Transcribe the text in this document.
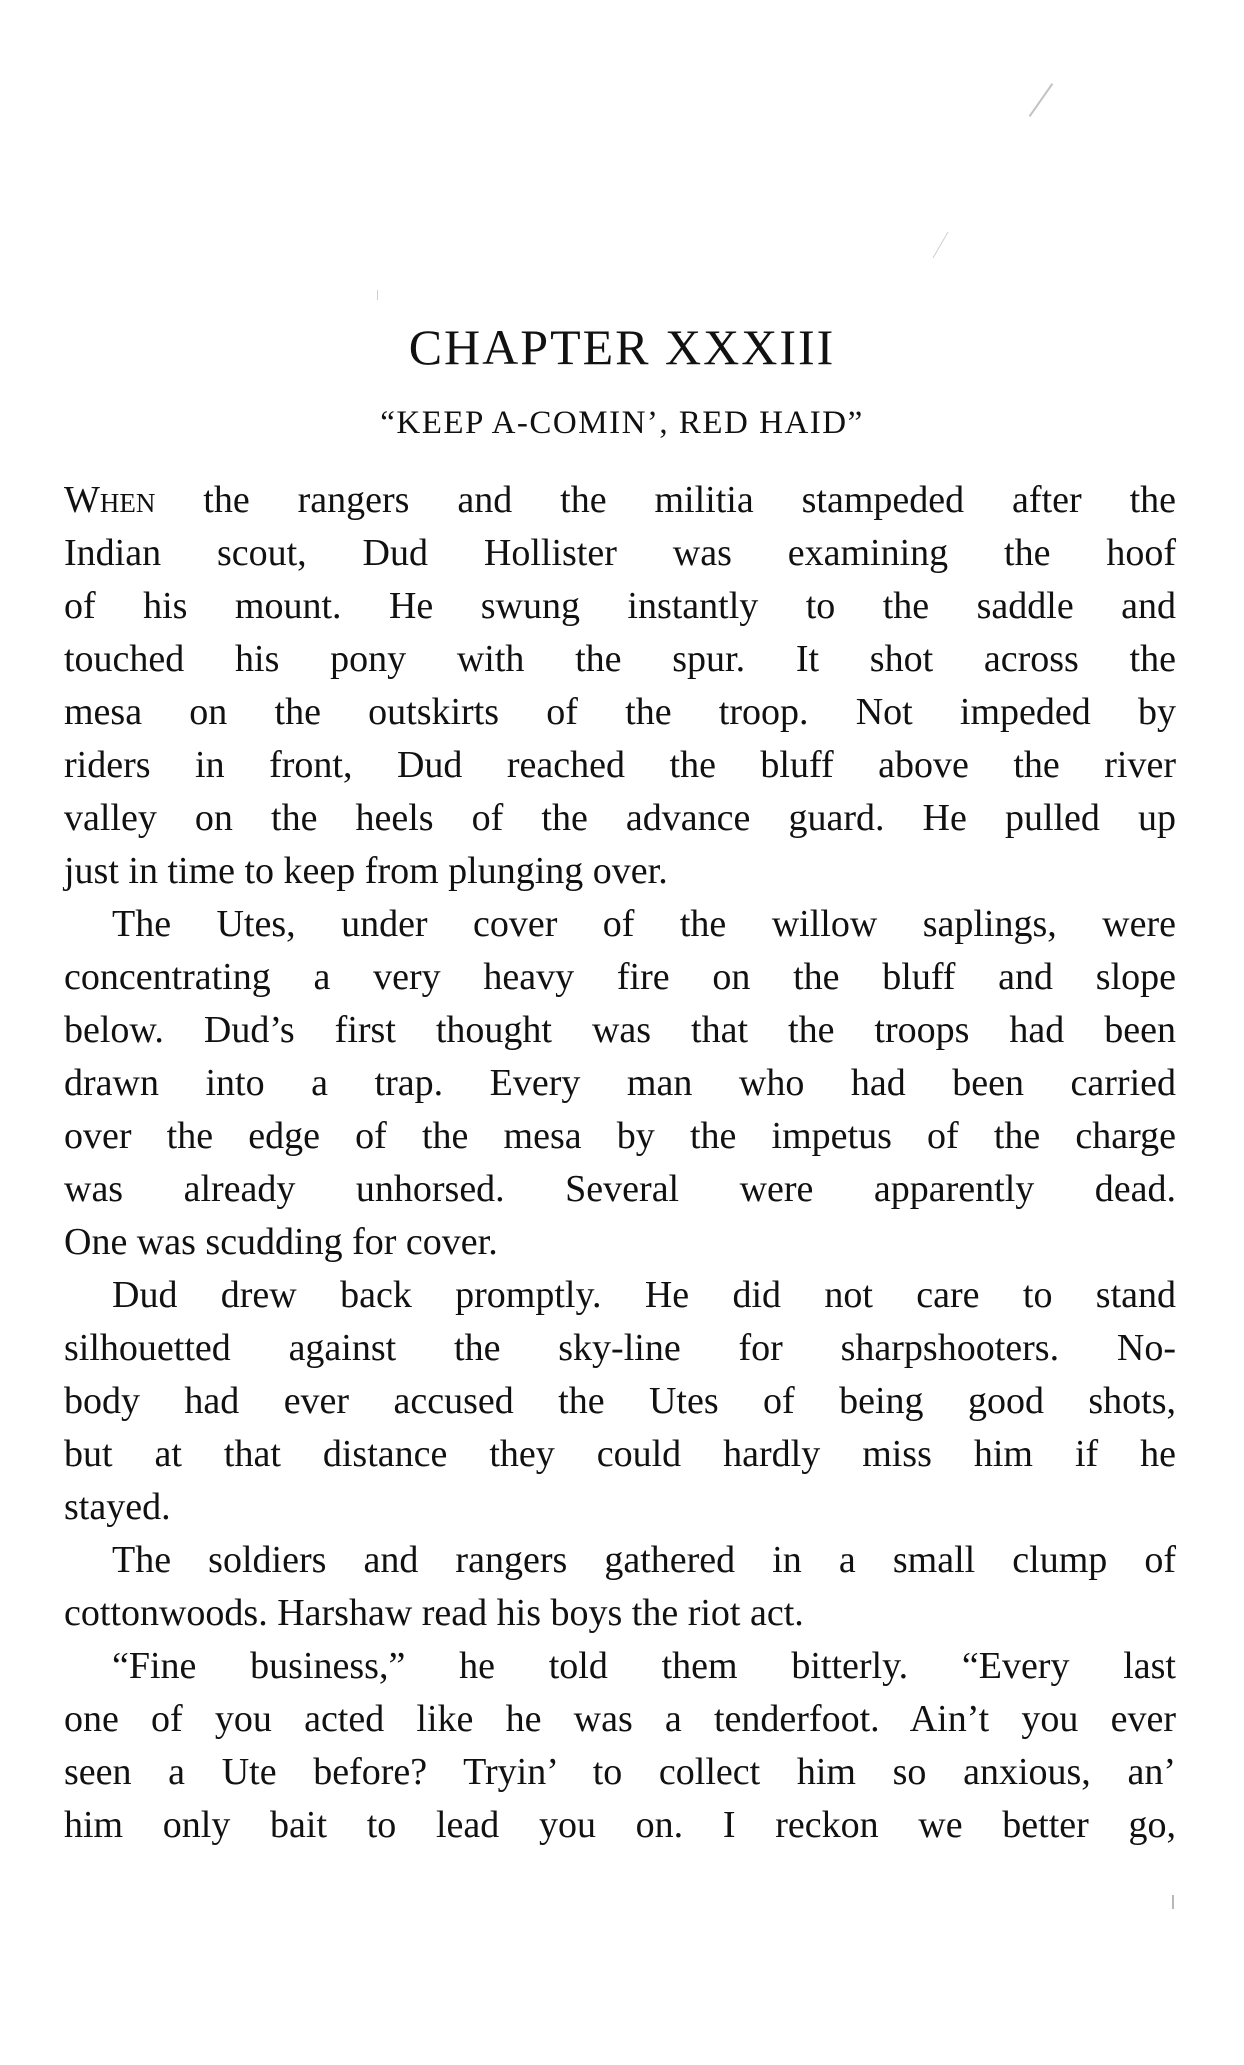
CHAPTER XXXIII
“KEEP A-COMIN’, RED HAID”
When the rangers and the militia stampeded after the
Indian scout, Dud Hollister was examining the hoof
of his mount. He swung instantly to the saddle and
touched his pony with the spur. It shot across the
mesa on the outskirts of the troop. Not impeded by
riders in front, Dud reached the bluff above the river
valley on the heels of the advance guard. He pulled up
just in time to keep from plunging over.
The Utes, under cover of the willow saplings, were
concentrating a very heavy fire on the bluff and slope
below. Dud’s first thought was that the troops had been
drawn into a trap. Every man who had been carried
over the edge of the mesa by the impetus of the charge
was already unhorsed. Several were apparently dead.
One was scudding for cover.
Dud drew back promptly. He did not care to stand
silhouetted against the sky-line for sharpshooters. No-
body had ever accused the Utes of being good shots,
but at that distance they could hardly miss him if he
stayed.
The soldiers and rangers gathered in a small clump of
cottonwoods. Harshaw read his boys the riot act.
“Fine business,” he told them bitterly. “Every last
one of you acted like he was a tenderfoot. Ain’t you ever
seen a Ute before? Tryin’ to collect him so anxious, an’
him only bait to lead you on. I reckon we better go,
